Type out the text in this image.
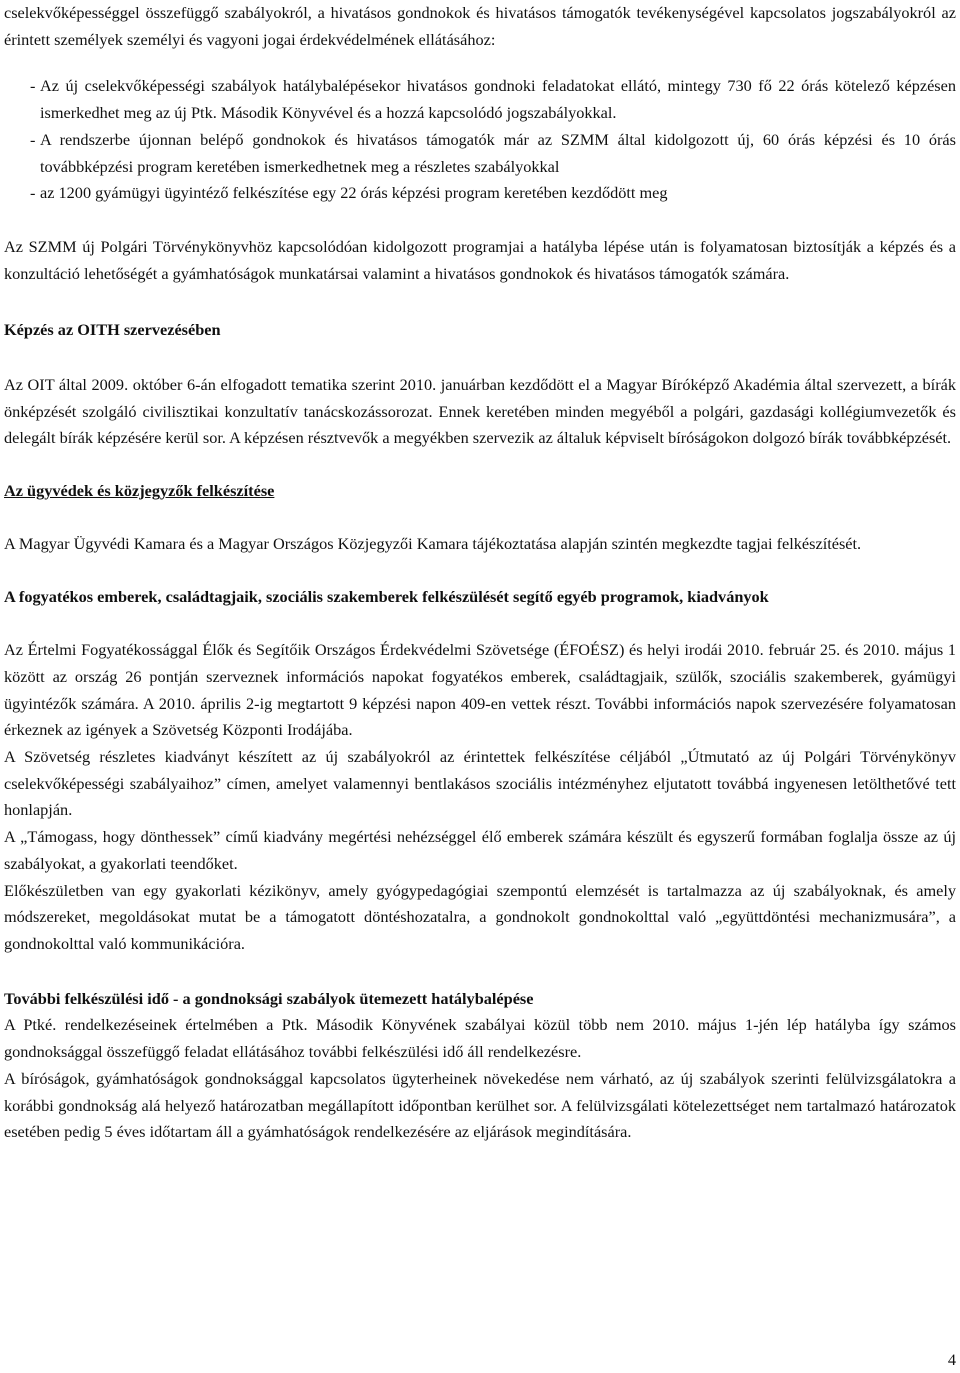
cselekvőképességgel összefüggő szabályokról, a hivatásos gondnokok és hivatásos támogatók tevékenységével kapcsolatos jogszabályokról az érintett személyek személyi és vagyoni jogai érdekvédelmének ellátásához:

- Az új cselekvőképességi szabályok hatálybalépésekor hivatásos gondnoki feladatokat ellátó, mintegy 730 fő 22 órás kötelező képzésen ismerkedhet meg az új Ptk. Második Könyvével és a hozzá kapcsolódó jogszabályokkal.
- A rendszerbe újonnan belépő gondnokok és hivatásos támogatók már az SZMM által kidolgozott új, 60 órás képzési és 10 órás továbbképzési program keretében ismerkedhetnek meg a részletes szabályokkal
- az 1200 gyámügyi ügyintéző felkészítése egy 22 órás képzési program keretében kezdődött meg

Az SZMM új Polgári Törvénykönyvhöz kapcsolódóan kidolgozott programjai a hatályba lépése után is folyamatosan biztosítják a képzés és a konzultáció lehetőségét a gyámhatóságok munkatársai valamint a hivatásos gondnokok és hivatásos támogatók számára.

Képzés az OITH szervezésében

Az OIT által 2009. október 6-án elfogadott tematika szerint 2010. januárban kezdődött el a Magyar Bíróképző Akadémia által szervezett, a bírák önképzését szolgáló civilisztikai konzultatív tanácskozássorozat. Ennek keretében minden megyéből a polgári, gazdasági kollégiumvezetők és delegált bírák képzésére kerül sor. A képzésen résztvevők a megyékben szervezik az általuk képviselt bíróságokon dolgozó bírák továbbképzését.

Az ügyvédek és közjegyzők felkészítése

A Magyar Ügyvédi Kamara és a Magyar Országos Közjegyzői Kamara tájékoztatása alapján szintén megkezdte tagjai felkészítését.

A fogyatékos emberek, családtagjaik, szociális szakemberek felkészülését segítő egyéb programok, kiadványok

Az Értelmi Fogyatékossággal Élők és Segítőik Országos Érdekvédelmi Szövetsége (ÉFOÉSZ) és helyi irodái 2010. február 25. és 2010. május 1 között az ország 26 pontján szerveznek információs napokat fogyatékos emberek, családtagjaik, szülők, szociális szakemberek, gyámügyi ügyintézők számára. A 2010. április 2-ig megtartott 9 képzési napon 409-en vettek részt. További információs napok szervezésére folyamatosan érkeznek az igények a Szövetség Központi Irodájába.

A Szövetség részletes kiadványt készített az új szabályokról az érintettek felkészítése céljából „Útmutató az új Polgári Törvénykönyv cselekvőképességi szabályaihoz” címen, amelyet valamennyi bentlakásos szociális intézményhez eljutatott továbbá ingyenesen letölthetővé tett honlapján.

A „Támogass, hogy dönthessek” című kiadvány megértési nehézséggel élő emberek számára készült és egyszerű formában foglalja össze az új szabályokat, a gyakorlati teendőket.

Előkészületben van egy gyakorlati kézikönyv, amely gyógypedagógiai szempontú elemzését is tartalmazza az új szabályoknak, és amely módszereket, megoldásokat mutat be a támogatott döntéshozatalra, a gondnokolt gondnokolttal való „együttdöntési mechanizmusára”, a gondnokolttal való kommunikációra.

További felkészülési idő - a gondnoksági szabályok ütemezett hatálybalépése

A Ptké. rendelkezéseinek értelmében a Ptk. Második Könyvének szabályai közül több nem 2010. május 1-jén lép hatályba így számos gondnoksággal összefüggő feladat ellátásához további felkészülési idő áll rendelkezésre.

A bíróságok, gyámhatóságok gondnoksággal kapcsolatos ügyterheinek növekedése nem várható, az új szabályok szerinti felülvizsgálatokra a korábbi gondnokság alá helyező határozatban megállapított időpontban kerülhet sor. A felülvizsgálati kötelezettséget nem tartalmazó határozatok esetében pedig 5 éves időtartam áll a gyámhatóságok rendelkezésére az eljárások megindítására.

4
